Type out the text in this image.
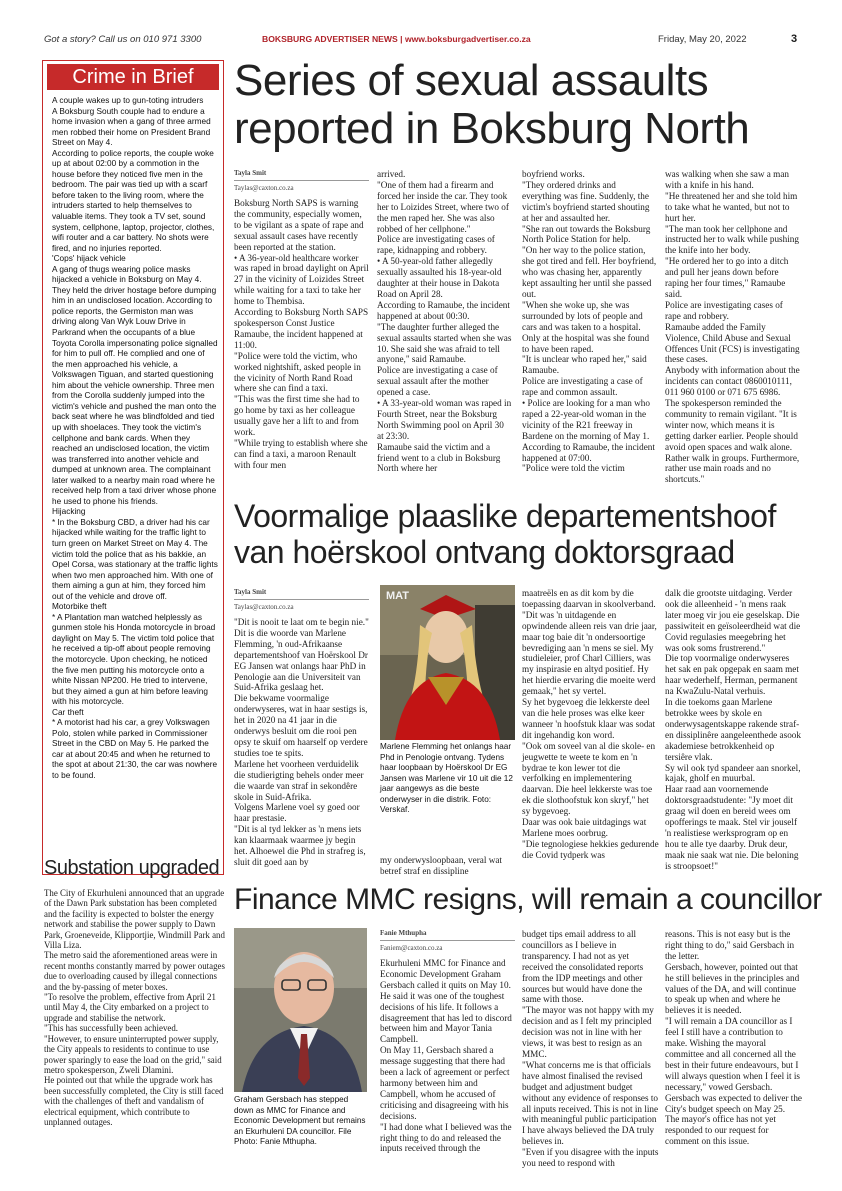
Got a story? Call us on 010 971 3300	BOKSBURG ADVERTISER NEWS | www.boksburgadvertiser.co.za	Friday, May 20, 2022	3
Crime in Brief

A couple wakes up to gun-toting intruders

A Boksburg South couple had to endure a home invasion when a gang of three armed men robbed their home on President Brand Street on May 4.

According to police reports, the couple woke up at about 02:00 by a commotion in the house before they noticed five men in the bedroom. The pair was tied up with a scarf before taken to the living room, where the intruders started to help themselves to valuable items. They took a TV set, sound system, cellphone, laptop, projector, clothes, wifi router and a car battery. No shots were fired, and no injuries reported.

'Cops' hijack vehicle

A gang of thugs wearing police masks hijacked a vehicle in Boksburg on May 4. They held the driver hostage before dumping him in an undisclosed location. According to police reports, the Germiston man was driving along Van Wyk Louw Drive in Parkrand when the occupants of a blue Toyota Corolla impersonating police signalled for him to pull off. He complied and one of the men approached his vehicle, a Volkswagen Tiguan, and started questioning him about the vehicle ownership. Three men from the Corolla suddenly jumped into the victim's vehicle and pushed the man onto the back seat where he was blindfolded and tied up with shoelaces. They took the victim's cellphone and bank cards. When they reached an undisclosed location, the victim was transferred into another vehicle and dumped at unknown area. The complainant later walked to a nearby main road where he received help from a taxi driver whose phone he used to phone his friends.

Hijacking

* In the Boksburg CBD, a driver had his car hijacked while waiting for the traffic light to turn green on Market Street on May 4. The victim told the police that as his bakkie, an Opel Corsa, was stationary at the traffic lights when two men approached him. With one of them aiming a gun at him, they forced him out of the vehicle and drove off.

Motorbike theft

* A Plantation man watched helplessly as gunmen stole his Honda motorcycle in broad daylight on May 5. The victim told police that he received a tip-off about people removing the motorcycle. Upon checking, he noticed the five men putting his motorcycle onto a white Nissan NP200. He tried to intervene, but they aimed a gun at him before leaving with his motorcycle.

Car theft

* A motorist had his car, a grey Volkswagen Polo, stolen while parked in Commissioner Street in the CBD on May 5. He parked the car at about 20:45 and when he returned to the spot at about 21:30, the car was nowhere to be found.

Series of sexual assaults
reported in Boksburg North
Tayla Smit
Taylas@caxton.co.za

Boksburg North SAPS is warning the community, especially women, to be vigilant as a spate of rape and sexual assault cases have recently been reported at the station.

• A 36-year-old healthcare worker was raped in broad daylight on April 27 in the vicinity of Loizides Street while waiting for a taxi to take her home to Thembisa.

According to Boksburg North SAPS spokesperson Const Justice Ramaube, the incident happened at 11:00.

"Police were told the victim, who worked nightshift, asked people in the vicinity of North Rand Road where she can find a taxi.

"This was the first time she had to go home by taxi as her colleague usually gave her a lift to and from work.

"While trying to establish where she can find a taxi, a maroon Renault with four men

arrived.

"One of them had a firearm and forced her inside the car. They took her to Loizides Street, where two of the men raped her. She was also robbed of her cellphone."

Police are investigating cases of rape, kidnapping and robbery.

• A 50-year-old father allegedly sexually assaulted his 18-year-old daughter at their house in Dakota Road on April 28.

According to Ramaube, the incident happened at about 00:30.

"The daughter further alleged the sexual assaults started when she was 10. She said she was afraid to tell anyone," said Ramaube.

Police are investigating a case of sexual assault after the mother opened a case.

• A 33-year-old woman was raped in Fourth Street, near the Boksburg North Swimming pool on April 30 at 23:30.

Ramaube said the victim and a friend went to a club in Boksburg North where her

boyfriend works.

"They ordered drinks and everything was fine. Suddenly, the victim's boyfriend started shouting at her and assaulted her.

"She ran out towards the Boksburg North Police Station for help.

"On her way to the police station, she got tired and fell. Her boyfriend, who was chasing her, apparently kept assaulting her until she passed out.

"When she woke up, she was surrounded by lots of people and cars and was taken to a hospital. Only at the hospital was she found to have been raped.

"It is unclear who raped her," said Ramaube.

Police are investigating a case of rape and common assault.

• Police are looking for a man who raped a 22-year-old woman in the vicinity of the R21 freeway in Bardene on the morning of May 1.

According to Ramaube, the incident happened at 07:00.

"Police were told the victim

was walking when she saw a man with a knife in his hand.

"He threatened her and she told him to take what he wanted, but not to hurt her.

"The man took her cellphone and instructed her to walk while pushing the knife into her body.

"He ordered her to go into a ditch and pull her jeans down before raping her four times," Ramaube said.

Police are investigating cases of rape and robbery.

Ramaube added the Family Violence, Child Abuse and Sexual Offences Unit (FCS) is investigating these cases.

Anybody with information about the incidents can contact 0860010111, 011 960 0100 or 071 675 6986.

The spokesperson reminded the community to remain vigilant. "It is winter now, which means it is getting darker earlier. People should avoid open spaces and walk alone. Rather walk in groups. Furthermore, rather use main roads and no shortcuts."

Voormalige plaaslike departementshoof
van hoërskool ontvang doktorsgraad
Tayla Smit
Taylas@caxton.co.za

"Dit is nooit te laat om te begin nie."

Dit is die woorde van Marlene Flemming, 'n oud-Afrikaanse departementshoof van Hoërskool Dr EG Jansen wat onlangs haar PhD in Penologie aan die Universiteit van Suid-Afrika geslaag het.

Die bekwame voormalige onderwyseres, wat in haar sestigs is, het in 2020 na 41 jaar in die onderwys besluit om die rooi pen opsy te skuif om haarself op verdere studies toe te spits.

Marlene het voorheen verduidelik die studierigting behels onder meer die waarde van straf in sekondêre skole in Suid-Afrika.

Volgens Marlene voel sy goed oor haar prestasie.

"Dit is al tyd lekker as 'n mens iets kan klaarmaak waarmee jy begin het. Alhoewel die Phd in strafreg is, sluit dit goed aan by

MAT
Marlene Flemming het onlangs haar Phd in Penologie ontvang. Tydens haar loopbaan by Hoërskool Dr EG Jansen was Marlene vir 10 uit die 12 jaar aangewys as die beste onderwyser in die distrik. Foto: Verskaf.

my onderwysloopbaan, veral wat betref straf en dissipline

maatreëls en as dit kom by die toepassing daarvan in skoolverband.

"Dit was 'n uitdagende en opwindende alleen reis van drie jaar, maar tog baie dit 'n ondersoortige bevrediging aan 'n mens se siel. My studieleier, prof Charl Cilliers, was my inspirasie en altyd positief. Hy het hierdie ervaring die moeite werd gemaak," het sy vertel.

Sy het bygevoeg die lekkerste deel van die hele proses was elke keer wanneer 'n hoofstuk klaar was sodat dit ingehandig kon word.

"Ook om soveel van al die skole- en jeugwette te weete te kom en 'n bydrae te kon lewer tot die verfolking en implementering daarvan. Die heel lekkerste was toe ek die slothoofstuk kon skryf," het sy bygevoeg.

Daar was ook baie uitdagings wat Marlene moes oorbrug.

"Die tegnologiese hekkies gedurende die Covid tydperk was

dalk die grootste uitdaging. Verder ook die alleenheid - 'n mens raak later moeg vir jou eie geselskap. Die passiwiteit en geïsoleerdheid wat die Covid regulasies meegebring het was ook soms frustrerend."

Die top voormalige onderwyseres het sak en pak opgepak en saam met haar wederhelf, Herman, permanent na KwaZulu-Natal verhuis.

In die toekoms gaan Marlene betrokke wees by skole en onderwysagentskappe rakende straf- en dissiplinêre aangeleenthede asook akademiese betrokkenheid op tersiêre vlak.

Sy wil ook tyd spandeer aan snorkel, kajak, gholf en muurbal.

Haar raad aan voornemende doktorsgraadstudente: "Jy moet dit graag wil doen en bereid wees om opofferings te maak. Stel vir jouself 'n realistiese werksprogram op en hou te alle tye daarby. Druk deur, maak nie saak wat nie. Die beloning is stroopsoet!"

Substation upgraded

The City of Ekurhuleni announced that an upgrade of the Dawn Park substation has been completed and the facility is expected to bolster the energy network and stabilise the power supply to Dawn Park, Groeneveide, Klipportjie, Windmill Park and Villa Liza.

The metro said the aforementioned areas were in recent months constantly marred by power outages due to overloading caused by illegal connections and the by-passing of meter boxes.

"To resolve the problem, effective from April 21 until May 4, the City embarked on a project to upgrade and stabilise the network.

"This has successfully been achieved.

"However, to ensure uninterrupted power supply, the City appeals to residents to continue to use power sparingly to ease the load on the grid," said metro spokesperson, Zweli Dlamini.

He pointed out that while the upgrade work has been successfully completed, the City is still faced with the challenges of theft and vandalism of electrical equipment, which contribute to unplanned outages.

Finance MMC resigns, will remain a councillor
Graham Gersbach has stepped down as MMC for Finance and Economic Development but remains an Ekurhuleni DA councillor. File Photo: Fanie Mthupha.
Fanie Mthupha
Faniem@caxton.co.za

Ekurhuleni MMC for Finance and Economic Development Graham Gersbach called it quits on May 10.

He said it was one of the toughest decisions of his life. It follows a disagreement that has led to discord between him and Mayor Tania Campbell.

On May 11, Gersbach shared a message suggesting that there had been a lack of agreement or perfect harmony between him and Campbell, whom he accused of criticising and disagreeing with his decisions.

"I had done what I believed was the right thing to do and released the inputs received through the

budget tips email address to all councillors as I believe in transparency. I had not as yet received the consolidated reports from the IDP meetings and other sources but would have done the same with those.

"The mayor was not happy with my decision and as I felt my principled decision was not in line with her views, it was best to resign as an MMC.

"What concerns me is that officials have almost finalised the revised budget and adjustment budget without any evidence of responses to all inputs received. This is not in line with meaningful public participation I have always believed the DA truly believes in.

"Even if you disagree with the inputs you need to respond with

reasons. This is not easy but is the right thing to do," said Gersbach in the letter.

Gersbach, however, pointed out that he still believes in the principles and values of the DA, and will continue to speak up when and where he believes it is needed.

"I will remain a DA councillor as I feel I still have a contribution to make. Wishing the mayoral committee and all concerned all the best in their future endeavours, but I will always question when I feel it is necessary," vowed Gersbach.

Gersbach was expected to deliver the City's budget speech on May 25.

The mayor's office has not yet responded to our request for comment on this issue.
